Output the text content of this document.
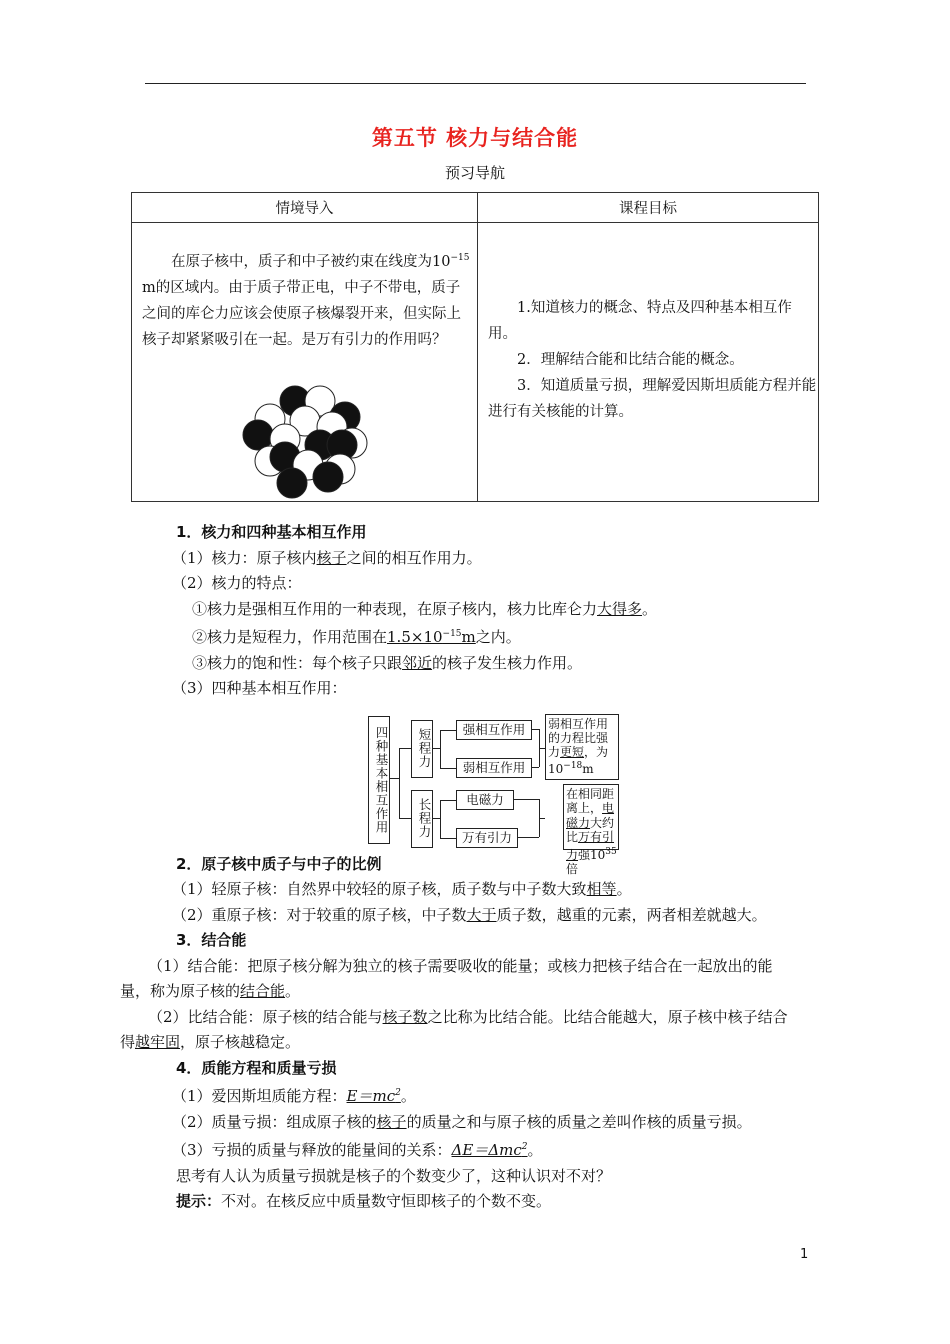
第五节 核力与结合能
预习导航
情境导入	课程目标

在原子核中，质子和中子被约束在线度为$10^{-15}$ m的区域内。由于质子带正电，中子不带电，质子之间的库仑力应该会使原子核爆裂开来，但实际上核子却紧紧吸引在一起。是万有引力的作用吗？	1.知道核力的概念、特点及四种基本相互作用。

2．理解结合能和比结合能的概念。

3．知道质量亏损，理解爱因斯坦质能方程并能进行有关核能的计算。

1．核力和四种基本相互作用

（1）核力：原子核内核子之间的相互作用力。

（2）核力的特点：

①核力是强相互作用的一种表现，在原子核内，核力比库仑力大得多。

②核力是短程力，作用范围在$1.5\times 10^{-15}m$之内。

③核力的饱和性：每个核子只跟邻近的核子发生核力作用。

（3）四种基本相互作用：

四种基本相互作用	短程力
长程力
强相互作用
弱相互作用
电磁力
万有引力
弱相互作用的力程比强力更短，为$10^{-18}m$
在相同距离上，电磁力大约比万有引力强$10^{35}$倍

2．原子核中质子与中子的比例

（1）轻原子核：自然界中较轻的原子核，质子数与中子数大致相等。

（2）重原子核：对于较重的原子核，中子数大于质子数，越重的元素，两者相差就越大。

3．结合能

（1）结合能：把原子核分解为独立的核子需要吸收的能量；或核力把核子结合在一起放出的能量，称为原子核的结合能。

（2）比结合能：原子核的结合能与核子数之比称为比结合能。比结合能越大，原子核中核子结合得越牢固，原子核越稳定。

4．质能方程和质量亏损

（1）爱因斯坦质能方程：$E=mc^2$。

（2）质量亏损：组成原子核的核子的质量之和与原子核的质量之差叫作核的质量亏损。

（3）亏损的质量与释放的能量间的关系：ΔE＝Δmc$^2$。

思考有人认为质量亏损就是核子的个数变少了，这种认识对不对？

提示：不对。在核反应中质量数守恒即核子的个数不变。

1
